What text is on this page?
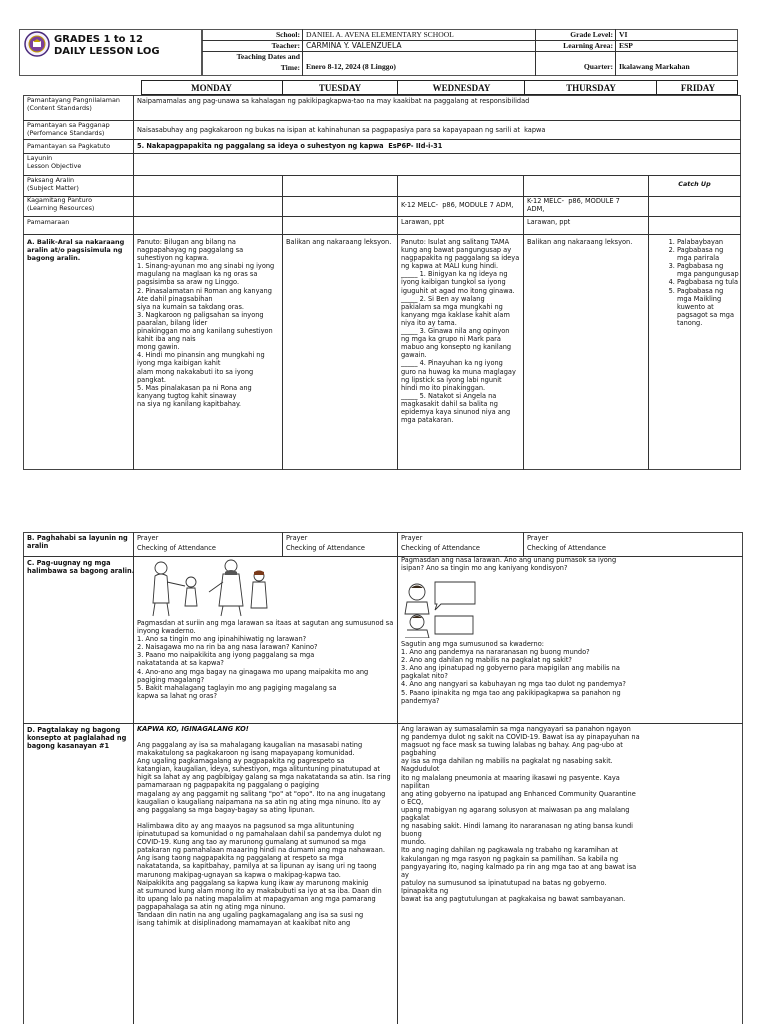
GRADES 1 to 12
DAILY LESSON LOG
School: DANIEL A. AVENA ELEMENTARY SCHOOL
Teacher: CARMINA Y. VALENZUELA
Teaching Dates and
Time: Enero 8-12, 2024 (8 Linggo)
Grade Level: VI
Learning Area: ESP
Quarter: Ikalawang Markahan
MONDAY	TUESDAY	WEDNESDAY	THURSDAY	FRIDAY
Pamantayang Pangnilalaman
(Content Standards)
Naipamamalas ang pag-unawa sa kahalagan ng pakikipagkapwa-tao na may kaakibat na paggalang at responsibilidad
Pamantayan sa Pagganap
(Perfomance Standards)	Naisasabuhay ang pagkakaroon ng bukas na isipan at kahinahunan sa pagpapasiya para sa kapayapaan ng sarili at  kapwa
Pamantayan sa Pagkatuto	5. Nakapagpapakita ng paggalang sa ideya o suhestyon ng kapwa  EsP6P- IId-i-31
Layunin
Lesson Objective
Paksang Aralin
(Subject Matter)	Catch Up
Kagamitang Panturo
(Learning Resources)	K-12 MELC-  p86, MODULE 7 ADM, K-12 MELC-  p86, MODULE 7
ADM,
Pamamaraan	Larawan, ppt	Larawan, ppt
A. Balik-Aral sa nakaraang
aralin at/o pagsisimula ng
bagong aralin.
Panuto: Bilugan ang bilang na
nagpapahayag ng paggalang sa
suhestiyon ng kapwa.
1. Sinang-ayunan mo ang sinabi ng iyong
magulang na maglaan ka ng oras sa
pagsisimba sa araw ng Linggo.
2. Pinasalamatan ni Roman ang kanyang
Ate dahil pinagsabihan
siya na kumain sa takdang oras.
3. Nagkaroon ng paligsahan sa inyong
paaralan, bilang lider
pinakinggan mo ang kanilang suhestiyon
kahit iba ang nais
mong gawin.
4. Hindi mo pinansin ang mungkahi ng
iyong mga kaibigan kahit
alam mong nakakabuti ito sa iyong
pangkat.
5. Mas pinalakasan pa ni Rona ang
kanyang tugtog kahit sinaway
na siya ng kanilang kapitbahay.
Balikan ang nakaraang leksyon. Panuto: Isulat ang salitang TAMA
kung ang bawat pangungusap ay
nagpapakita ng paggalang sa ideya
ng kapwa at MALI kung hindi.
_____ 1. Binigyan ka ng ideya ng
iyong kaibigan tungkol sa iyong
iguguhit at agad mo itong ginawa.
_____ 2. Si Ben ay walang
pakialam sa mga mungkahi ng
kanyang mga kaklase kahit alam
niya ito ay tama.
_____ 3. Ginawa nila ang opinyon
ng mga ka grupo ni Mark para
mabuo ang konsepto ng kanilang
gawain.
_____ 4. Pinayuhan ka ng iyong
guro na huwag ka muna maglagay
ng lipstick sa iyong labi ngunit
hindi mo ito pinakinggan.
_____ 5. Natakot si Angela na
magkasakit dahil sa balita ng
epidemya kaya sinunod niya ang
mga patakaran.
Balikan ang nakaraang leksyon.
1.	Palabaybayan
2. Pagbabasa ng mga parirala
3. Pagbabasa ng mga pangungusap
4. Pagbabasa ng tula
5. Pagbabasa ng mga Maikling kuwento at pagsagot sa mga tanong.
B. Paghahabi sa layunin ng
aralin
Prayer
Checking of Attendance
Prayer
Checking of Attendance
Prayer
Checking of Attendance
Prayer
Checking of Attendance
C. Pag-uugnay ng mga
halimbawa sa bagong aralin.
Pagmasdan at suriin ang mga larawan sa itaas at sagutan ang sumusunod sa
inyong kwaderno.
1. Ano sa tingin mo ang ipinahihiwatig ng larawan?
2. Naisagawa mo na rin ba ang nasa larawan? Kanino?
3. Paano mo naipakikita ang iyong paggalang sa mga
nakatatanda at sa kapwa?
4. Ano-ano ang mga bagay na ginagawa mo upang maipakita mo ang
pagiging magalang?
5. Bakit mahalagang taglayin mo ang pagiging magalang sa
kapwa sa lahat ng oras?
Pagmasdan ang nasa larawan. Ano ang unang pumasok sa iyong
isipan? Ano sa tingin mo ang kaniyang kondisyon?
Sagutin ang mga sumusunod sa kwaderno:
1. Ano ang pandemya na nararanasan ng buong mundo?
2. Ano ang dahilan ng mabilis na pagkalat ng sakit?
3. Ano ang ipinatupad ng gobyerno para mapigilan ang mabilis na
pagkalat nito?
4. Ano ang nangyari sa kabuhayan ng mga tao dulot ng pandemya?
5. Paano ipinakita ng mga tao ang pakikipagkapwa sa panahon ng
pandemya?
D. Pagtalakay ng bagong
konsepto at paglalahad ng
bagong kasanayan #1
KAPWA KO, IGINAGALANG KO!
Ang paggalang ay isa sa mahalagang kaugalian na masasabi nating
makakatulong sa pagkakaroon ng isang mapayapang komunidad.
Ang ugaling pagkamagalang ay pagpapakita ng pagrespeto sa
katangian, kaugalian, ideya, suhestiyon, mga alituntuning pinatutupad at
higit sa lahat ay ang pagbibigay galang sa mga nakatatanda sa atin. Isa ring
pamamaraan ng pagpapakita ng paggalang o pagiging
magalang ay ang paggamit ng salitang "po" at "opo". Ito na ang inugatang
kaugalian o kaugaliang naipamana na sa atin ng ating mga ninuno. Ito ay
ang paggalang sa mga bagay-bagay sa ating lipunan.

Halimbawa dito ay ang maayos na pagsunod sa mga alituntuning
ipinatutupad sa komunidad o ng pamahalaan dahil sa pandemya dulot ng
COVID-19. Kung ang tao ay marunong gumalang at sumunod sa mga
patakaran ng pamahalaan maaaring hindi na dumami ang mga nahawaan.
Ang isang taong nagpapakita ng paggalang at respeto sa mga
nakatatanda, sa kapitbahay, pamilya at sa lipunan ay isang uri ng taong
marunong makipag-ugnayan sa kapwa o makipag-kapwa tao.
Naipakikita ang paggalang sa kapwa kung ikaw ay marunong makinig
at sumunod kung alam mong ito ay makabubuti sa iyo at sa iba. Daan din
ito upang lalo pa nating mapalalim at mapagyaman ang mga pamarang
pagpapahalaga sa atin ng ating mga ninuno.
Tandaan din natin na ang ugaling pagkamagalang ang isa sa susi ng
isang tahimik at disiplinadong mamamayan at kaakibat nito ang
Ang larawan ay sumasalamin sa mga nangyayari sa panahon ngayon
ng pandemya dulot ng sakit na COVID-19. Bawat isa ay pinapayuhan na
magsuot ng face mask sa tuwing lalabas ng bahay. Ang pag-ubo at
pagbahing
ay isa sa mga dahilan ng mabilis na pagkalat ng nasabing sakit.
Nagdudulot
ito ng malalang pneumonia at maaring ikasawi ng pasyente. Kaya
napilitan
ang ating gobyerno na ipatupad ang Enhanced Community Quarantine
o ECQ,
upang mabigyan ng agarang solusyon at maiwasan pa ang malalang
pagkalat
ng nasabing sakit. Hindi lamang ito nararanasan ng ating bansa kundi
buong
mundo.
Ito ang naging dahilan ng pagkawala ng trabaho ng karamihan at
kakulangan ng mga rasyon ng pagkain sa pamilihan. Sa kabila ng
pangyayaring ito, naging kalmado pa rin ang mga tao at ang bawat isa
ay
patuloy na sumusunod sa ipinatutupad na batas ng gobyerno.
Ipinapakita ng
bawat isa ang pagtutulungan at pagkakaisa ng bawat sambayanan.
